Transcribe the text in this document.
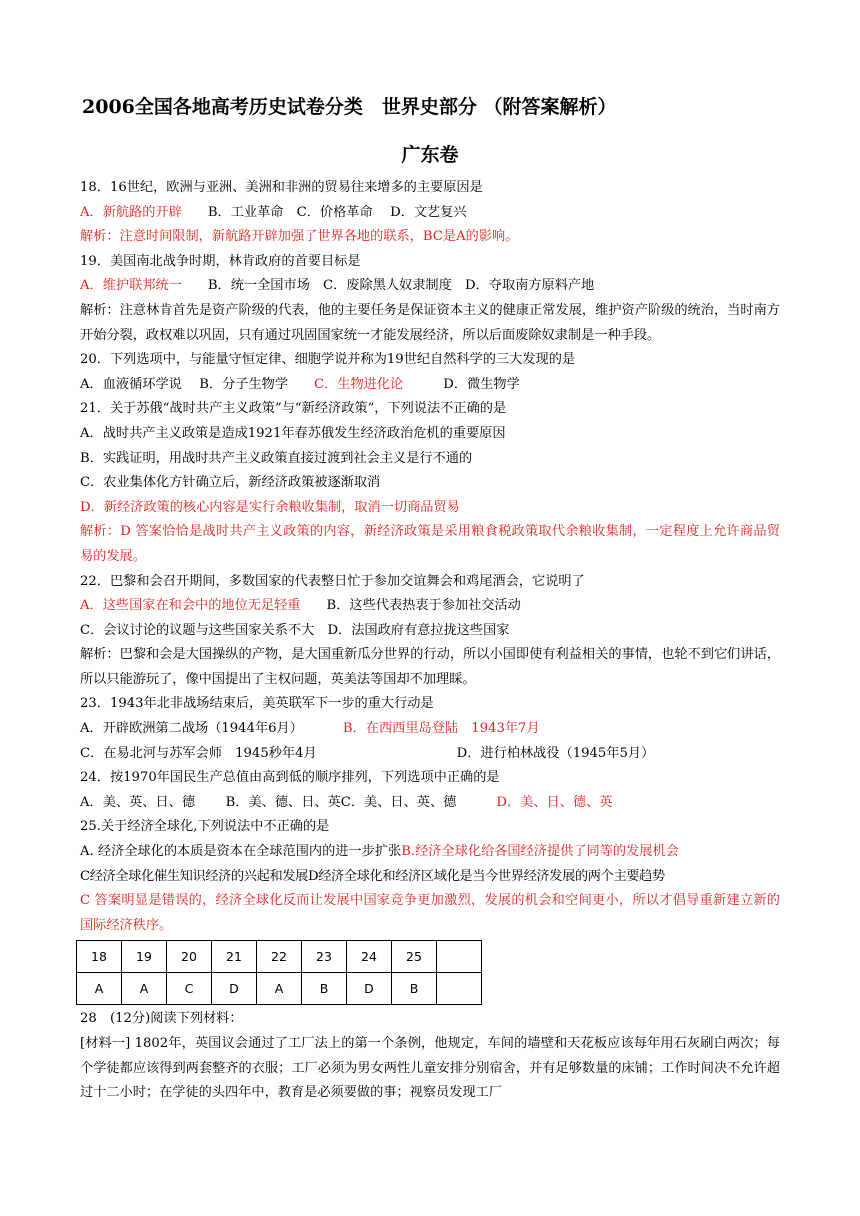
2006全国各地高考历史试卷分类　世界史部分 （附答案解析）
广东卷
18．16世纪，欧洲与亚洲、美洲和非洲的贸易往来增多的主要原因是
A．新航路的开辟 B．工业革命　C．价格革命　 D．文艺复兴
解析：注意时间限制，新航路开辟加强了世界各地的联系，BC是A的影响。
19．美国南北战争时期，林肯政府的首要目标是
A．维护联邦统一 B．统一全国市场　C．废除黑人奴隶制度　D．夺取南方原料产地
解析：注意林肯首先是资产阶级的代表，他的主要任务是保证资本主义的健康正常发展，维护资产阶级的统治，当时南方开始分裂，政权难以巩固，只有通过巩固国家统一才能发展经济，所以后面废除奴隶制是一种手段。
20．下列选项中，与能量守恒定律、细胞学说并称为19世纪自然科学的三大发现的是
A．血液循环学说　 B．分子生物学 C．生物进化论	D．微生物学
21．关于苏俄“战时共产主义政策”与“新经济政策”，下列说法不正确的是
A．战时共产主义政策是造成1921年春苏俄发生经济政治危机的重要原因
B．实践证明，用战时共产主义政策直接过渡到社会主义是行不通的
C．农业集体化方针确立后，新经济政策被逐渐取消
D．新经济政策的核心内容是实行余粮收集制，取消一切商品贸易
解析：D 答案恰恰是战时共产主义政策的内容，新经济政策是采用粮食税政策取代余粮收集制，一定程度上允许商品贸易的发展。
22．巴黎和会召开期间，多数国家的代表整日忙于参加交谊舞会和鸡尾酒会，它说明了
A．这些国家在和会中的地位无足轻重 B．这些代表热衷于参加社交活动
C．会议讨论的议题与这些国家关系不大　D．法国政府有意拉拢这些国家
解析：巴黎和会是大国操纵的产物，是大国重新瓜分世界的行动，所以小国即使有利益相关的事情，也轮不到它们讲话，所以只能游玩了，像中国提出了主权问题，英美法等国却不加理睬。
23．1943年北非战场结束后，美英联军下一步的重大行动是
A．开辟欧洲第二战场（1944年6月）	B．在西西里岛登陆　1943年7月
C．在易北河与苏军会师　1945秒年4月	D．进行柏林战役（1945年5月）
24．按1970年国民生产总值由高到低的顺序排列，下列选项中正确的是
A．美、英、日、德　　 B．美、德、日、英C．美、日、英、德	D．美、日、德、英
25.关于经济全球化,下列说法中不正确的是
A. 经济全球化的本质是资本在全球范围内的进一步扩张B.经济全球化给各国经济提供了同等的发展机会
C经济全球化催生知识经济的兴起和发展D经济全球化和经济区域化是当今世界经济发展的两个主要趋势
C 答案明显是错误的，经济全球化反而让发展中国家竞争更加激烈，发展的机会和空间更小，所以才倡导重新建立新的国际经济秩序。
18	19	20	21	22	23	24	25	
A	A	C	D	A	B	D	B	
28　(12分)阅读下列材料：
[材料一] 1802年，英国议会通过了工厂法上的第一个条例，他规定，车间的墙壁和天花板应该每年用石灰刷白两次；每个学徒都应该得到两套整齐的衣服；工厂必须为男女两性儿童安排分别宿舍，并有足够数量的床铺；工作时间决不允许超过十二小时；在学徒的头四年中，教育是必须要做的事；视察员发现工厂
